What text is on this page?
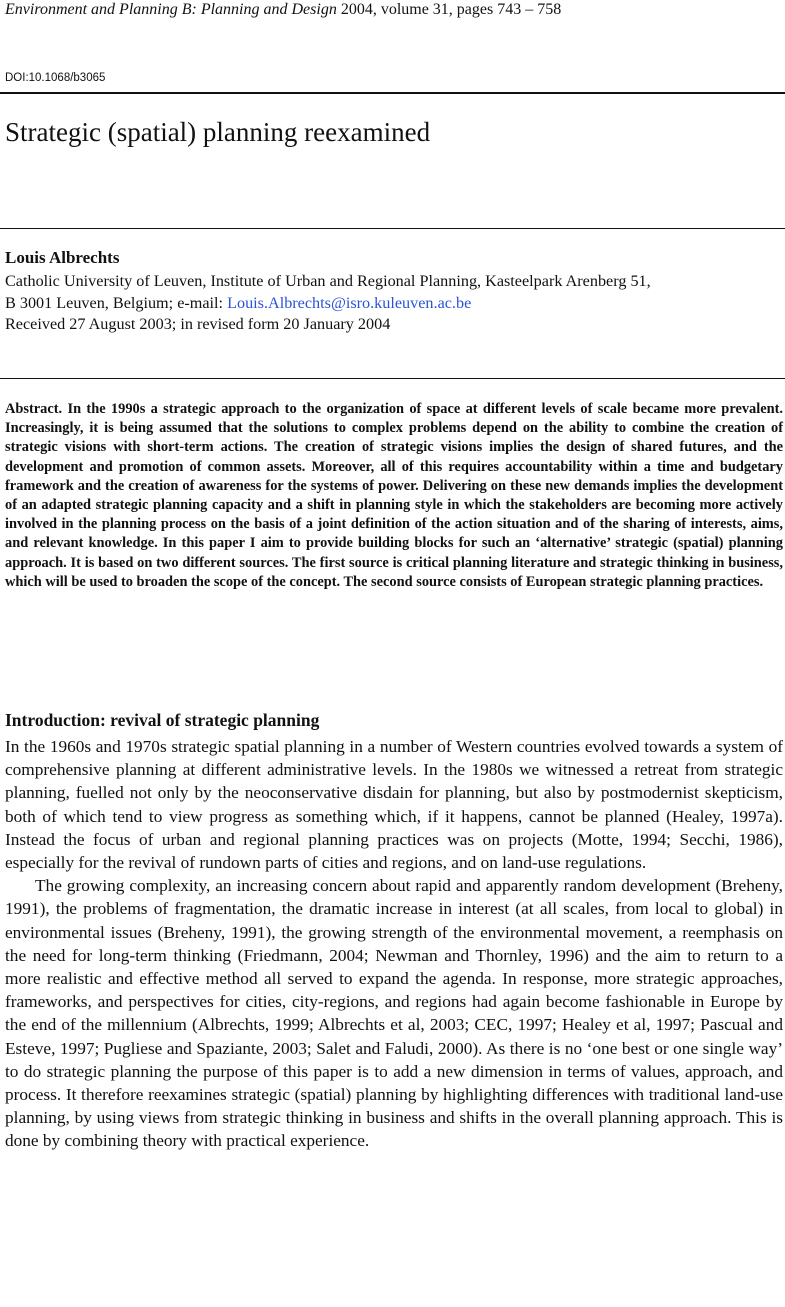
Environment and Planning B: Planning and Design 2004, volume 31, pages 743 – 758
DOI:10.1068/b3065
Strategic (spatial) planning reexamined
Louis Albrechts
Catholic University of Leuven, Institute of Urban and Regional Planning, Kasteelpark Arenberg 51,
B 3001 Leuven, Belgium; e-mail: Louis.Albrechts@isro.kuleuven.ac.be
Received 27 August 2003; in revised form 20 January 2004
Abstract. In the 1990s a strategic approach to the organization of space at different levels of scale became more prevalent. Increasingly, it is being assumed that the solutions to complex problems depend on the ability to combine the creation of strategic visions with short-term actions. The creation of strategic visions implies the design of shared futures, and the development and promotion of common assets. Moreover, all of this requires accountability within a time and budgetary framework and the creation of awareness for the systems of power. Delivering on these new demands implies the development of an adapted strategic planning capacity and a shift in planning style in which the stakeholders are becoming more actively involved in the planning process on the basis of a joint definition of the action situation and of the sharing of interests, aims, and relevant knowledge. In this paper I aim to provide building blocks for such an ‘alternative’ strategic (spatial) planning approach. It is based on two different sources. The first source is critical planning literature and strategic thinking in business, which will be used to broaden the scope of the concept. The second source consists of European strategic planning practices.
Introduction: revival of strategic planning

In the 1960s and 1970s strategic spatial planning in a number of Western countries evolved towards a system of comprehensive planning at different administrative levels. In the 1980s we witnessed a retreat from strategic planning, fuelled not only by the neoconservative disdain for planning, but also by postmodernist skepticism, both of which tend to view progress as something which, if it happens, cannot be planned (Healey, 1997a). Instead the focus of urban and regional planning practices was on projects (Motte, 1994; Secchi, 1986), especially for the revival of rundown parts of cities and regions, and on land-use regulations.

The growing complexity, an increasing concern about rapid and apparently random development (Breheny, 1991), the problems of fragmentation, the dramatic increase in interest (at all scales, from local to global) in environmental issues (Breheny, 1991), the growing strength of the environmental movement, a reemphasis on the need for long-term thinking (Friedmann, 2004; Newman and Thornley, 1996) and the aim to return to a more realistic and effective method all served to expand the agenda. In response, more strategic approaches, frameworks, and perspectives for cities, city-regions, and regions had again become fashionable in Europe by the end of the millennium (Albrechts, 1999; Albrechts et al, 2003; CEC, 1997; Healey et al, 1997; Pascual and Esteve, 1997; Pugliese and Spaziante, 2003; Salet and Faludi, 2000). As there is no ‘one best or one single way’ to do strategic planning the purpose of this paper is to add a new dimension in terms of values, approach, and process. It therefore reexamines strategic (spatial) planning by highlighting differences with traditional land-use planning, by using views from strategic thinking in business and shifts in the overall planning approach. This is done by combining theory with practical experience.
